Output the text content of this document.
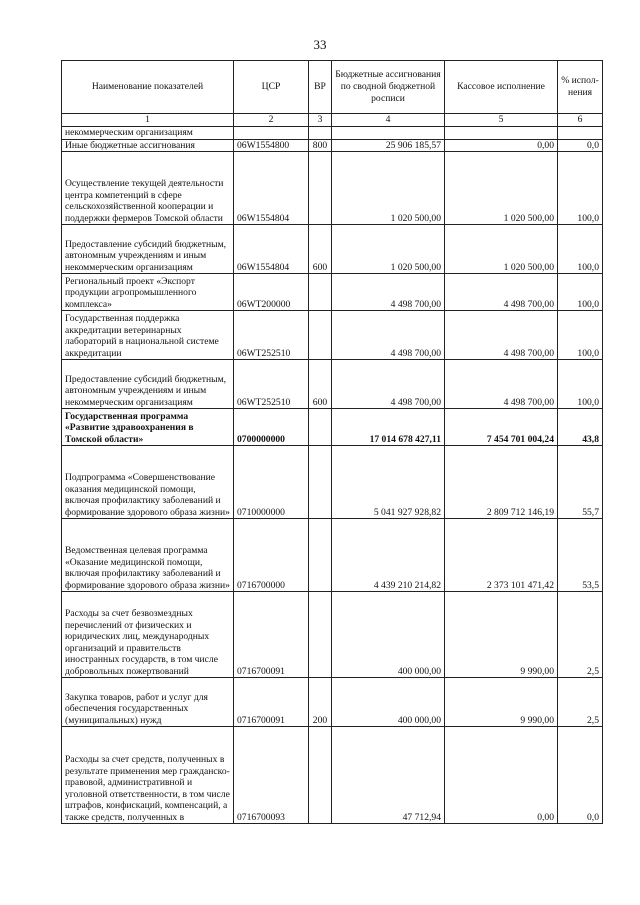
33
Наименование показателей	ЦСР	ВР	Бюджетные ассигнования по сводной бюджетной росписи	Кассовое исполнение	% испол-нения
1	2	3	4	5	6
некоммерческим организациям					
Иные бюджетные ассигнования	06W1554800	800	25 906 185,57	0,00	0,0
Осуществление текущей деятельности центра компетенций в сфере сельскохозяйственной кооперации и поддержки фермеров Томской области	06W1554804		1 020 500,00	1 020 500,00	100,0
Предоставление субсидий бюджетным, автономным учреждениям и иным некоммерческим организациям	06W1554804	600	1 020 500,00	1 020 500,00	100,0
Региональный проект «Экспорт продукции агропромышленного комплекса»	06WT200000		4 498 700,00	4 498 700,00	100,0
Государственная поддержка аккредитации ветеринарных лабораторий в национальной системе аккредитации	06WT252510		4 498 700,00	4 498 700,00	100,0
Предоставление субсидий бюджетным, автономным учреждениям и иным некоммерческим организациям	06WT252510	600	4 498 700,00	4 498 700,00	100,0
Государственная программа «Развитие здравоохранения в Томской области»	0700000000		17 014 678 427,11	7 454 701 004,24	43,8
Подпрограмма «Совершенствование оказания медицинской помощи, включая профилактику заболеваний и формирование здорового образа жизни»	0710000000		5 041 927 928,82	2 809 712 146,19	55,7
Ведомственная целевая программа «Оказание медицинской помощи, включая профилактику заболеваний и формирование здорового образа жизни»	0716700000		4 439 210 214,82	2 373 101 471,42	53,5
Расходы за счет безвозмездных перечислений от физических и юридических лиц, международных организаций и правительств иностранных государств, в том числе добровольных пожертвований	0716700091		400 000,00	9 990,00	2,5
Закупка товаров, работ и услуг для обеспечения государственных (муниципальных) нужд	0716700091	200	400 000,00	9 990,00	2,5
Расходы за счет средств, полученных в результате применения мер гражданско-правовой, административной и уголовной ответственности, в том числе штрафов, конфискаций, компенсаций, а также средств, полученных в	0716700093		47 712,94	0,00	0,0
